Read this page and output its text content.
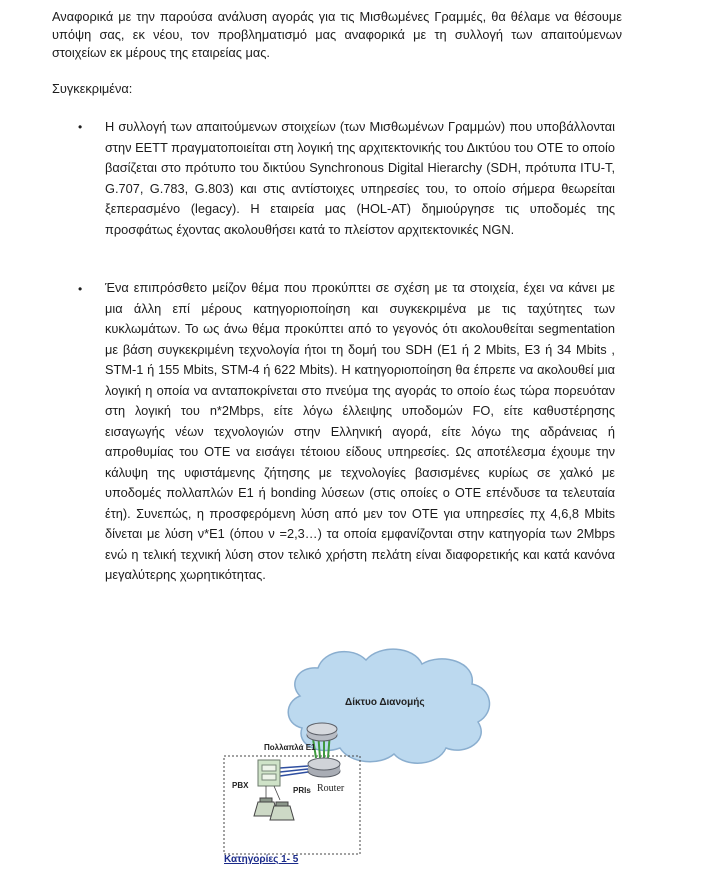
Αναφορικά με την παρούσα ανάλυση αγοράς για τις Μισθωμένες Γραμμές, θα θέλαμε να θέσουμε υπόψη σας, εκ νέου, τον προβληματισμό μας αναφορικά με τη συλλογή των απαιτούμενων στοιχείων εκ μέρους της εταιρείας μας.
Συγκεκριμένα:
• Η συλλογή των απαιτούμενων στοιχείων (των Μισθωμένων Γραμμών) που υποβάλλονται στην ΕΕΤΤ πραγματοποιείται στη λογική της αρχιτεκτονικής του Δικτύου του ΟΤΕ το οποίο βασίζεται στο πρότυπο του δικτύου Synchronous Digital Hierarchy (SDH, πρότυπα ITU-T, G.707, G.783, G.803) και στις αντίστοιχες υπηρεσίες του, το οποίο σήμερα θεωρείται ξεπερασμένο (legacy). Η εταιρεία μας (HOL-AT) δημιούργησε τις υποδομές της προσφάτως έχοντας ακολουθήσει κατά το πλείστον αρχιτεκτονικές NGN.
• Ένα επιπρόσθετο μείζον θέμα που προκύπτει σε σχέση με τα στοιχεία, έχει να κάνει με μια άλλη επί μέρους κατηγοριοποίηση και συγκεκριμένα με τις ταχύτητες των κυκλωμάτων. Το ως άνω θέμα προκύπτει από το γεγονός ότι ακολουθείται segmentation με βάση συγκεκριμένη τεχνολογία ήτοι τη δομή του SDH (E1 ή 2 Mbits, E3 ή 34 Mbits , STM-1 ή 155 Mbits, STM-4 ή 622 Mbits). Η κατηγοριοποίηση θα έπρεπε να ακολουθεί μια λογική η οποία να ανταποκρίνεται στο πνεύμα της αγοράς το οποίο έως τώρα πορευόταν στη λογική του n*2Mbps, είτε λόγω έλλειψης υποδομών FO, είτε καθυστέρησης εισαγωγής νέων τεχνολογιών στην Ελληνική αγορά, είτε λόγω της αδράνειας ή απροθυμίας του ΟΤΕ να εισάγει τέτοιου είδους υπηρεσίες. Ως αποτέλεσμα έχουμε την κάλυψη της υφιστάμενης ζήτησης με τεχνολογίες βασισμένες κυρίως σε χαλκό με υποδομές πολλαπλών Ε1 ή bonding λύσεων (στις οποίες ο ΟΤΕ επένδυσε τα τελευταία έτη). Συνεπώς, η προσφερόμενη λύση από μεν τον ΟΤΕ για υπηρεσίες πχ 4,6,8 Mbits δίνεται με λύση ν*Ε1 (όπου ν =2,3…) τα οποία εμφανίζονται στην κατηγορία των 2Mbps ενώ η τελική τεχνική λύση στον τελικό χρήστη πελάτη είναι διαφορετικής και κατά κανόνα μεγαλύτερης χωρητικότητας.
Δίκτυο Διανομής
Πολλαπλά Ε1
PBX
PRIs Router
Κατηγορίες 1- 5
